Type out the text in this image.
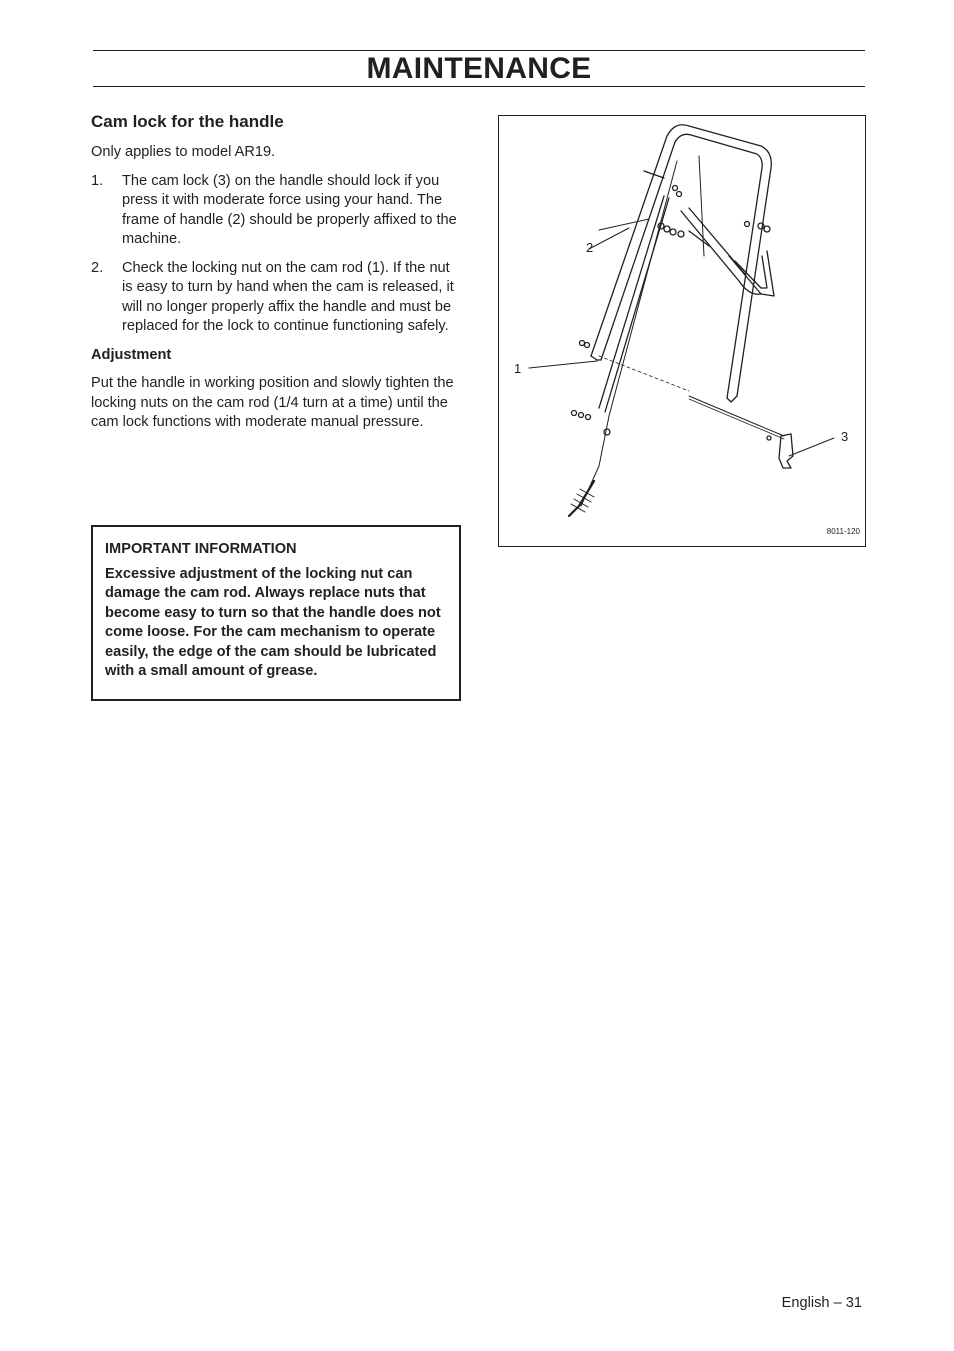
MAINTENANCE
Cam lock for the handle
Only applies to model AR19.
1.	The cam lock (3) on the handle should lock if you press it with moderate force using your hand. The frame of handle (2) should be properly affixed to the machine.
2.	Check the locking nut on the cam rod (1). If the nut is easy to turn by hand when the cam is released, it will no longer properly affix the handle and must be replaced for the lock to continue functioning safely.
Adjustment
Put the handle in working position and slowly tighten the locking nuts on the cam rod (1/4 turn at a time) until the cam lock functions with moderate manual pressure.
IMPORTANT INFORMATION
Excessive adjustment of the locking nut can damage the cam rod. Always replace nuts that become easy to turn so that the handle does not come loose. For the cam mechanism to operate easily, the edge of the cam should be lubricated with a small amount of grease.
1
2
3
8011-120
English – 31
